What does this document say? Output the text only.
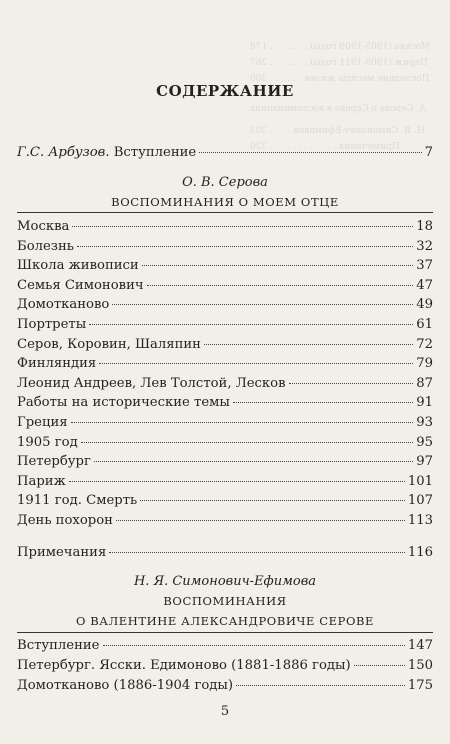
Москва (1905-1909 годы) . . . . . . . 178
Париж (1909-1911 годы) . . . . . . . 267
Последние месяцы жизни . . . . . . 300
А. Серова о Серове в воспоминаниях
Н. Я. Симонович-Ефимовой . . . . 303
Примечания . . . . . . . . . . . . 320
СОДЕРЖАНИЕ
Г.С. Арбузов. Вступление	7
О. В. Серова
ВОСПОМИНАНИЯ О МОЕМ ОТЦЕ
Москва	18
Болезнь	32
Школа живописи	37
Семья Симонович	47
Домотканово	49
Портреты	61
Серов, Коровин, Шаляпин	72
Финляндия	79
Леонид Андреев, Лев Толстой, Лесков	87
Работы на исторические темы	91
Греция	93
1905 год	95
Петербург	97
Париж	101
1911 год. Смерть	107
День похорон	113
Примечания	116
Н. Я. Симонович-Ефимова
ВОСПОМИНАНИЯ
О ВАЛЕНТИНЕ АЛЕКСАНДРОВИЧЕ СЕРОВЕ
Вступление	147
Петербург. Ясски. Едимоново (1881-1886 годы)	150
Домотканово (1886-1904 годы)	175
5
